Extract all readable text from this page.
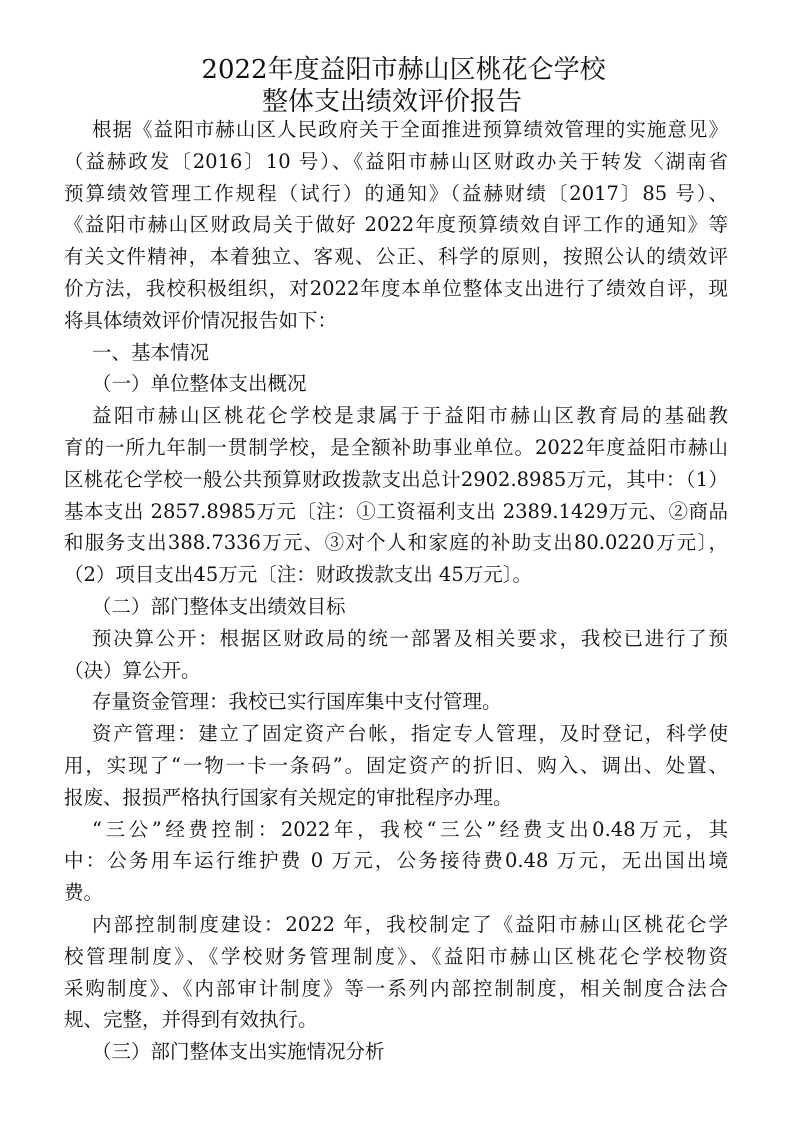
2022年度益阳市赫山区桃花仑学校
整体支出绩效评价报告
根据《益阳市赫山区人民政府关于全面推进预算绩效管理的实施意见》
（益赫政发〔2016〕10 号）、《益阳市赫山区财政办关于转发〈湖南省
预算绩效管理工作规程（试行）的通知》（益赫财绩〔2017〕85 号）、
《益阳市赫山区财政局关于做好 2022年度预算绩效自评工作的通知》等
有关文件精神，本着独立、客观、公正、科学的原则，按照公认的绩效评
价方法，我校积极组织，对2022年度本单位整体支出进行了绩效自评，现
将具体绩效评价情况报告如下：
一、基本情况
（一）单位整体支出概况
益阳市赫山区桃花仑学校是隶属于于益阳市赫山区教育局的基础教
育的一所九年制一贯制学校，是全额补助事业单位。2022年度益阳市赫山
区桃花仑学校一般公共预算财政拨款支出总计2902.8985万元，其中：（1）
基本支出 2857.8985万元〔注：①工资福利支出 2389.1429万元、②商品
和服务支出388.7336万元、③对个人和家庭的补助支出80.0220万元〕，
（2）项目支出45万元〔注：财政拨款支出 45万元〕。
（二）部门整体支出绩效目标
预决算公开：根据区财政局的统一部署及相关要求，我校已进行了预
（决）算公开。
存量资金管理：我校已实行国库集中支付管理。
资产管理：建立了固定资产台帐，指定专人管理，及时登记，科学使
用，实现了“一物一卡一条码”。固定资产的折旧、购入、调出、处置、
报废、报损严格执行国家有关规定的审批程序办理。
“三公”经费控制：2022年，我校“三公”经费支出0.48万元，其
中：公务用车运行维护费 0 万元，公务接待费0.48 万元，无出国出境
费。
内部控制制度建设：2022 年，我校制定了《益阳市赫山区桃花仑学
校管理制度》、《学校财务管理制度》、《益阳市赫山区桃花仑学校物资
采购制度》、《内部审计制度》等一系列内部控制制度，相关制度合法合
规、完整，并得到有效执行。
（三）部门整体支出实施情况分析
